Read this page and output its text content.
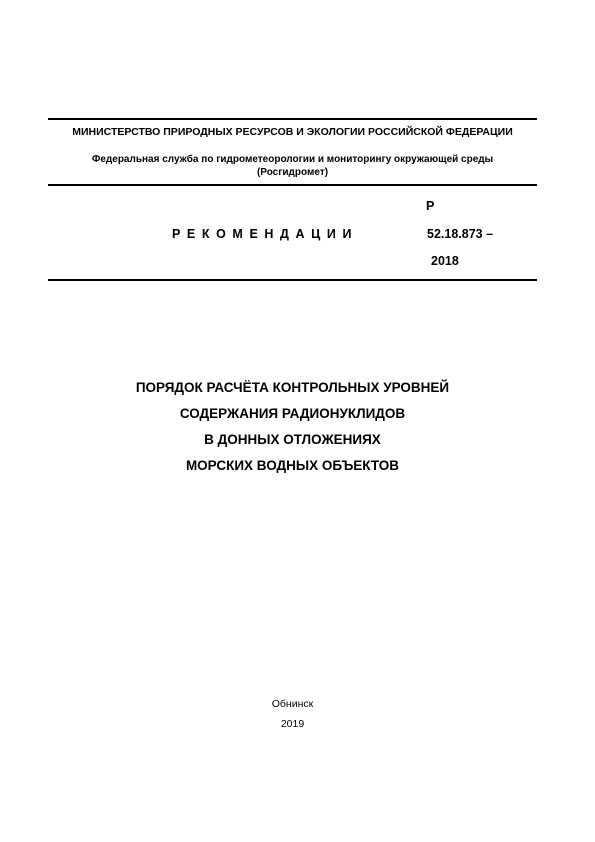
МИНИСТЕРСТВО ПРИРОДНЫХ РЕСУРСОВ И ЭКОЛОГИИ РОССИЙСКОЙ ФЕДЕРАЦИИ
Федеральная служба по гидрометеорологии и мониторингу окружающей среды
(Росгидромет)
РЕКОМЕНДАЦИИ
Р
52.18.873 –
2018
ПОРЯДОК РАСЧЁТА КОНТРОЛЬНЫХ УРОВНЕЙ
СОДЕРЖАНИЯ РАДИОНУКЛИДОВ
В ДОННЫХ ОТЛОЖЕНИЯХ
МОРСКИХ ВОДНЫХ ОБЪЕКТОВ
Обнинск
2019
